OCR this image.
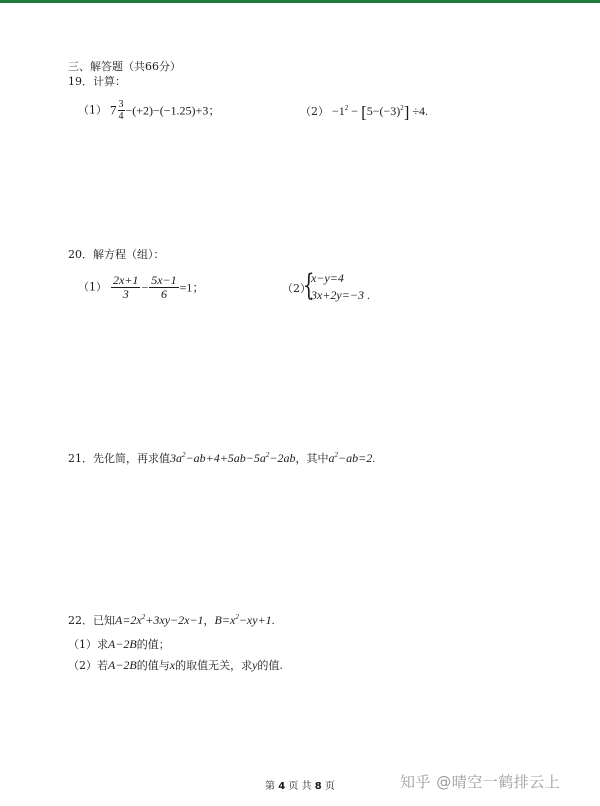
三、解答题（共66分）
19．计算：
（1） $7 \frac{3}{4} -(+2)-(-1.25)+3$；	$(2) -1^2 - [5-(-3)^2] \div 4$.
20．解方程（组）：
$(1) \frac{2x+1}{3} - \frac{5x-1}{6} =1$；	（2）
{
x−y=4
3x+2y=−3 .
21．先化简，再求值$3a^2-ab+4+5ab-5a^2-2ab$，其中$a^2-ab=2$.
22．已知$A=2x^2+3xy-2x-1$，$B=x^2-xy+1$.
（1）求A−2B的值；
（2）若A−2B的值与x的取值无关，求y的值.
第 4 页 共 8 页	知乎 @晴空一鹤排云上
